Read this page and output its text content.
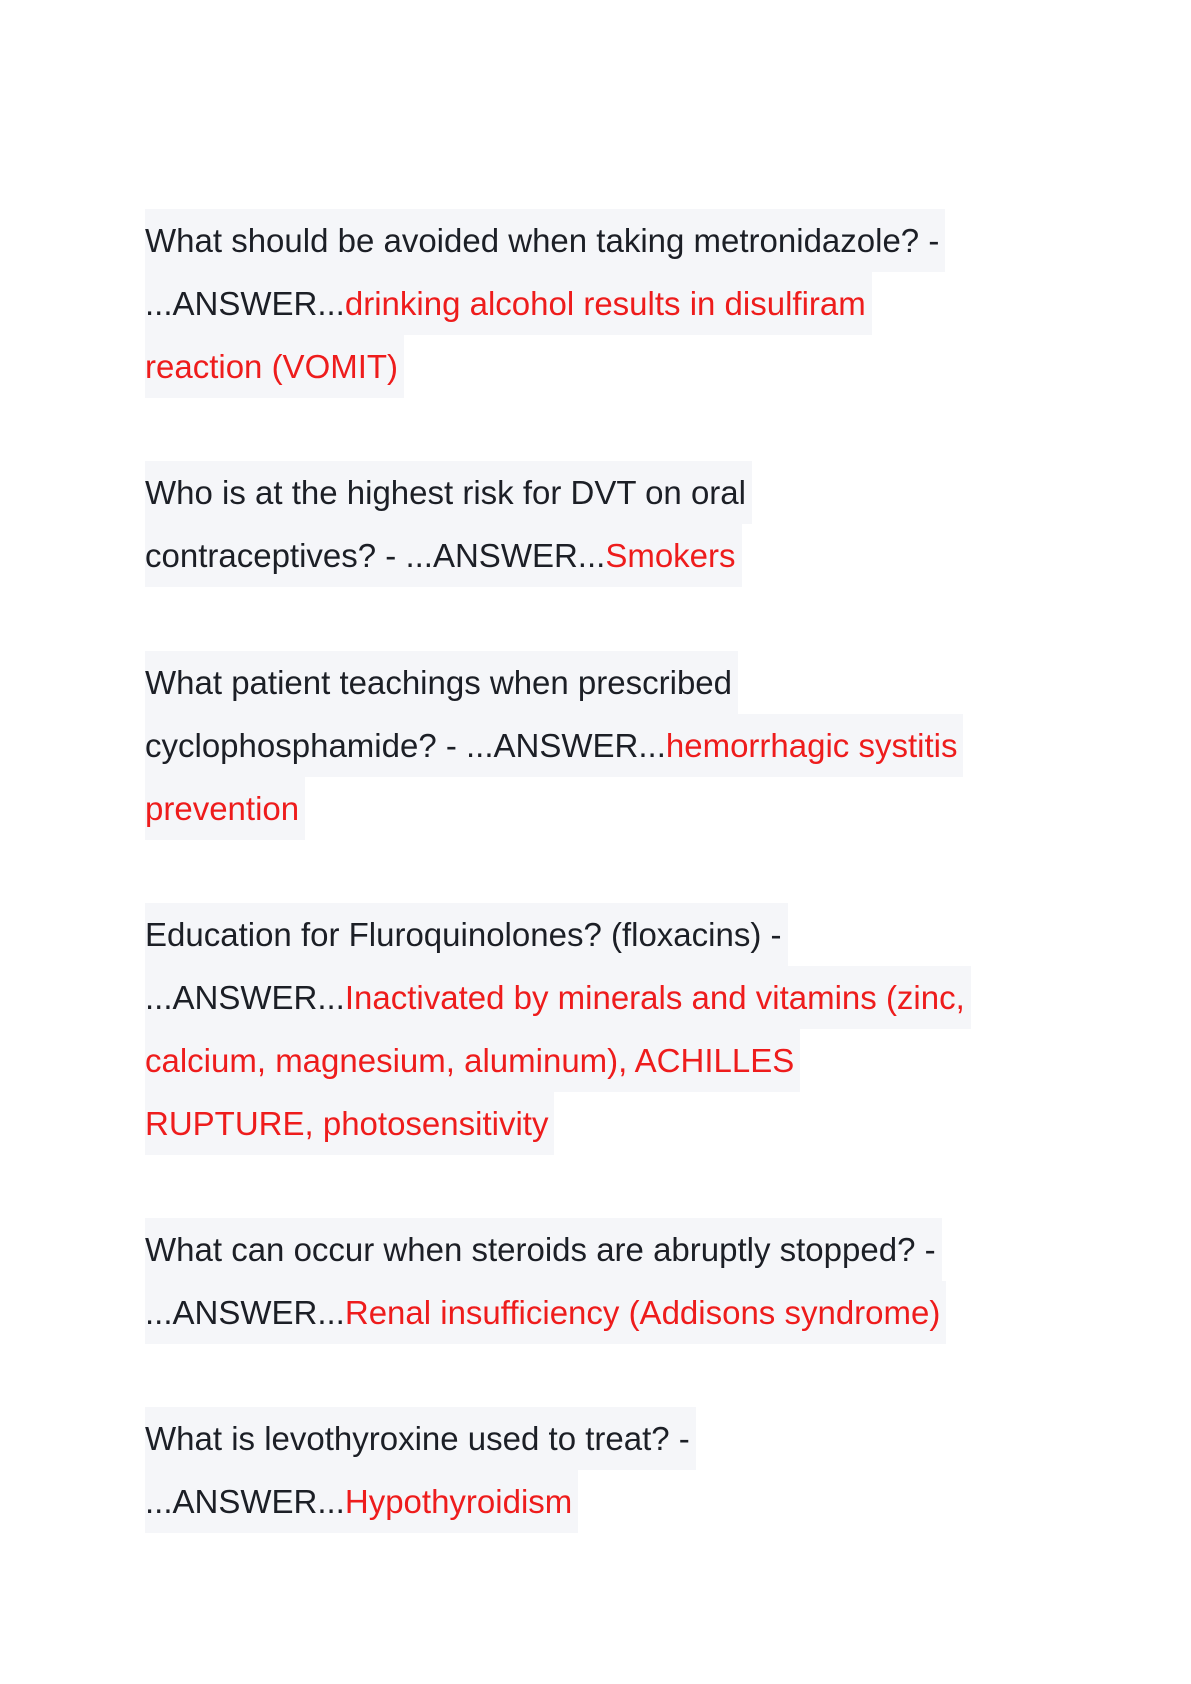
What should be avoided when taking metronidazole? -
...ANSWER...drinking alcohol results in disulfiram
reaction (VOMIT)
Who is at the highest risk for DVT on oral
contraceptives? - ...ANSWER...Smokers
What patient teachings when prescribed
cyclophosphamide? - ...ANSWER...hemorrhagic systitis
prevention
Education for Fluroquinolones? (floxacins) -
...ANSWER...Inactivated by minerals and vitamins (zinc,
calcium, magnesium, aluminum), ACHILLES
RUPTURE, photosensitivity
What can occur when steroids are abruptly stopped? -
...ANSWER...Renal insufficiency (Addisons syndrome)
What is levothyroxine used to treat? -
...ANSWER...Hypothyroidism
